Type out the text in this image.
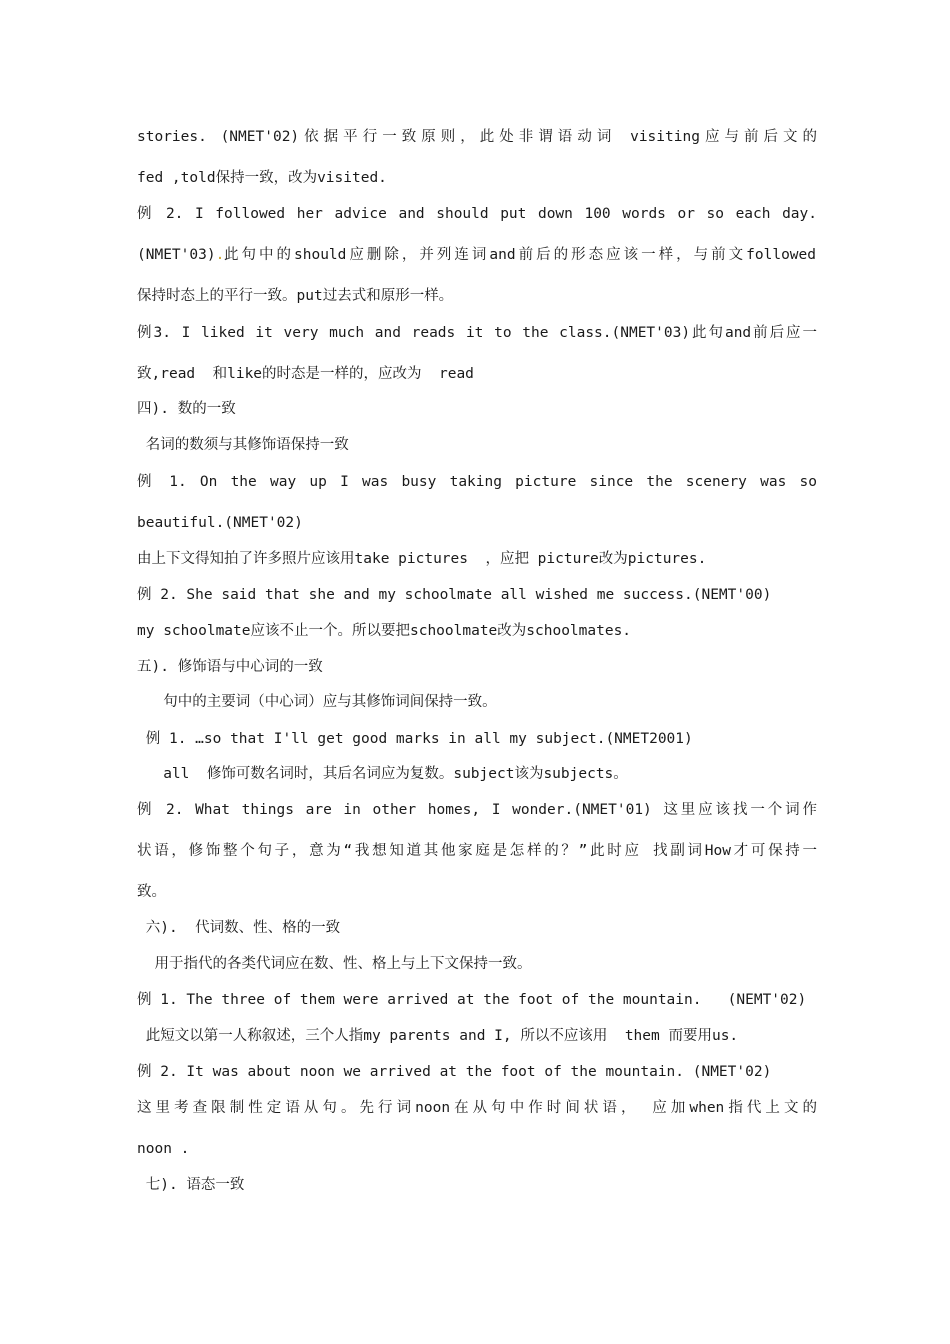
stories. (NMET'02)依据平行一致原则，此处非谓语动词 visiting应与前后文的
fed ,told保持一致，改为visited.
例 2. I followed her advice and should put down 100 words or so each day.
(NMET'03). 此句中的should应删除，并列连词and前后的形态应该一样，与前文followed
保持时态上的平行一致。put过去式和原形一样。
例3. I liked it very much and reads it to the class.(NMET'03)此句and前后应一
致,read  和like的时态是一样的，应改为  read
四). 数的一致
名词的数须与其修饰语保持一致
例 1. On the way up I was busy taking picture since the scenery was so
beautiful.(NMET'02)
由上下文得知拍了许多照片应该用take pictures  ，应把 picture改为pictures.
例 2. She said that she and my schoolmate all wished me success.(NEMT'00)
my schoolmate应该不止一个。所以要把schoolmate改为schoolmates.
五). 修饰语与中心词的一致
句中的主要词（中心词）应与其修饰词间保持一致。
例 1. …so that I'll get good marks in all my subject.(NMET2001)
all  修饰可数名词时，其后名词应为复数。subject该为subjects。
例 2. What things are in other homes, I wonder.(NMET'01) 这里应该找一个词作
状语，修饰整个句子，意为“我想知道其他家庭是怎样的？”此时应 找副词How才可保持一
致。
六).  代词数、性、格的一致
用于指代的各类代词应在数、性、格上与上下文保持一致。
例 1. The three of them were arrived at the foot of the mountain.   (NEMT'02)
此短文以第一人称叙述，三个人指my parents and I, 所以不应该用  them 而要用us.
例 2. It was about noon we arrived at the foot of the mountain. (NMET'02)
这里考查限制性定语从句。先行词noon在从句中作时间状语， 应加when指代上文的
noon .
七). 语态一致
